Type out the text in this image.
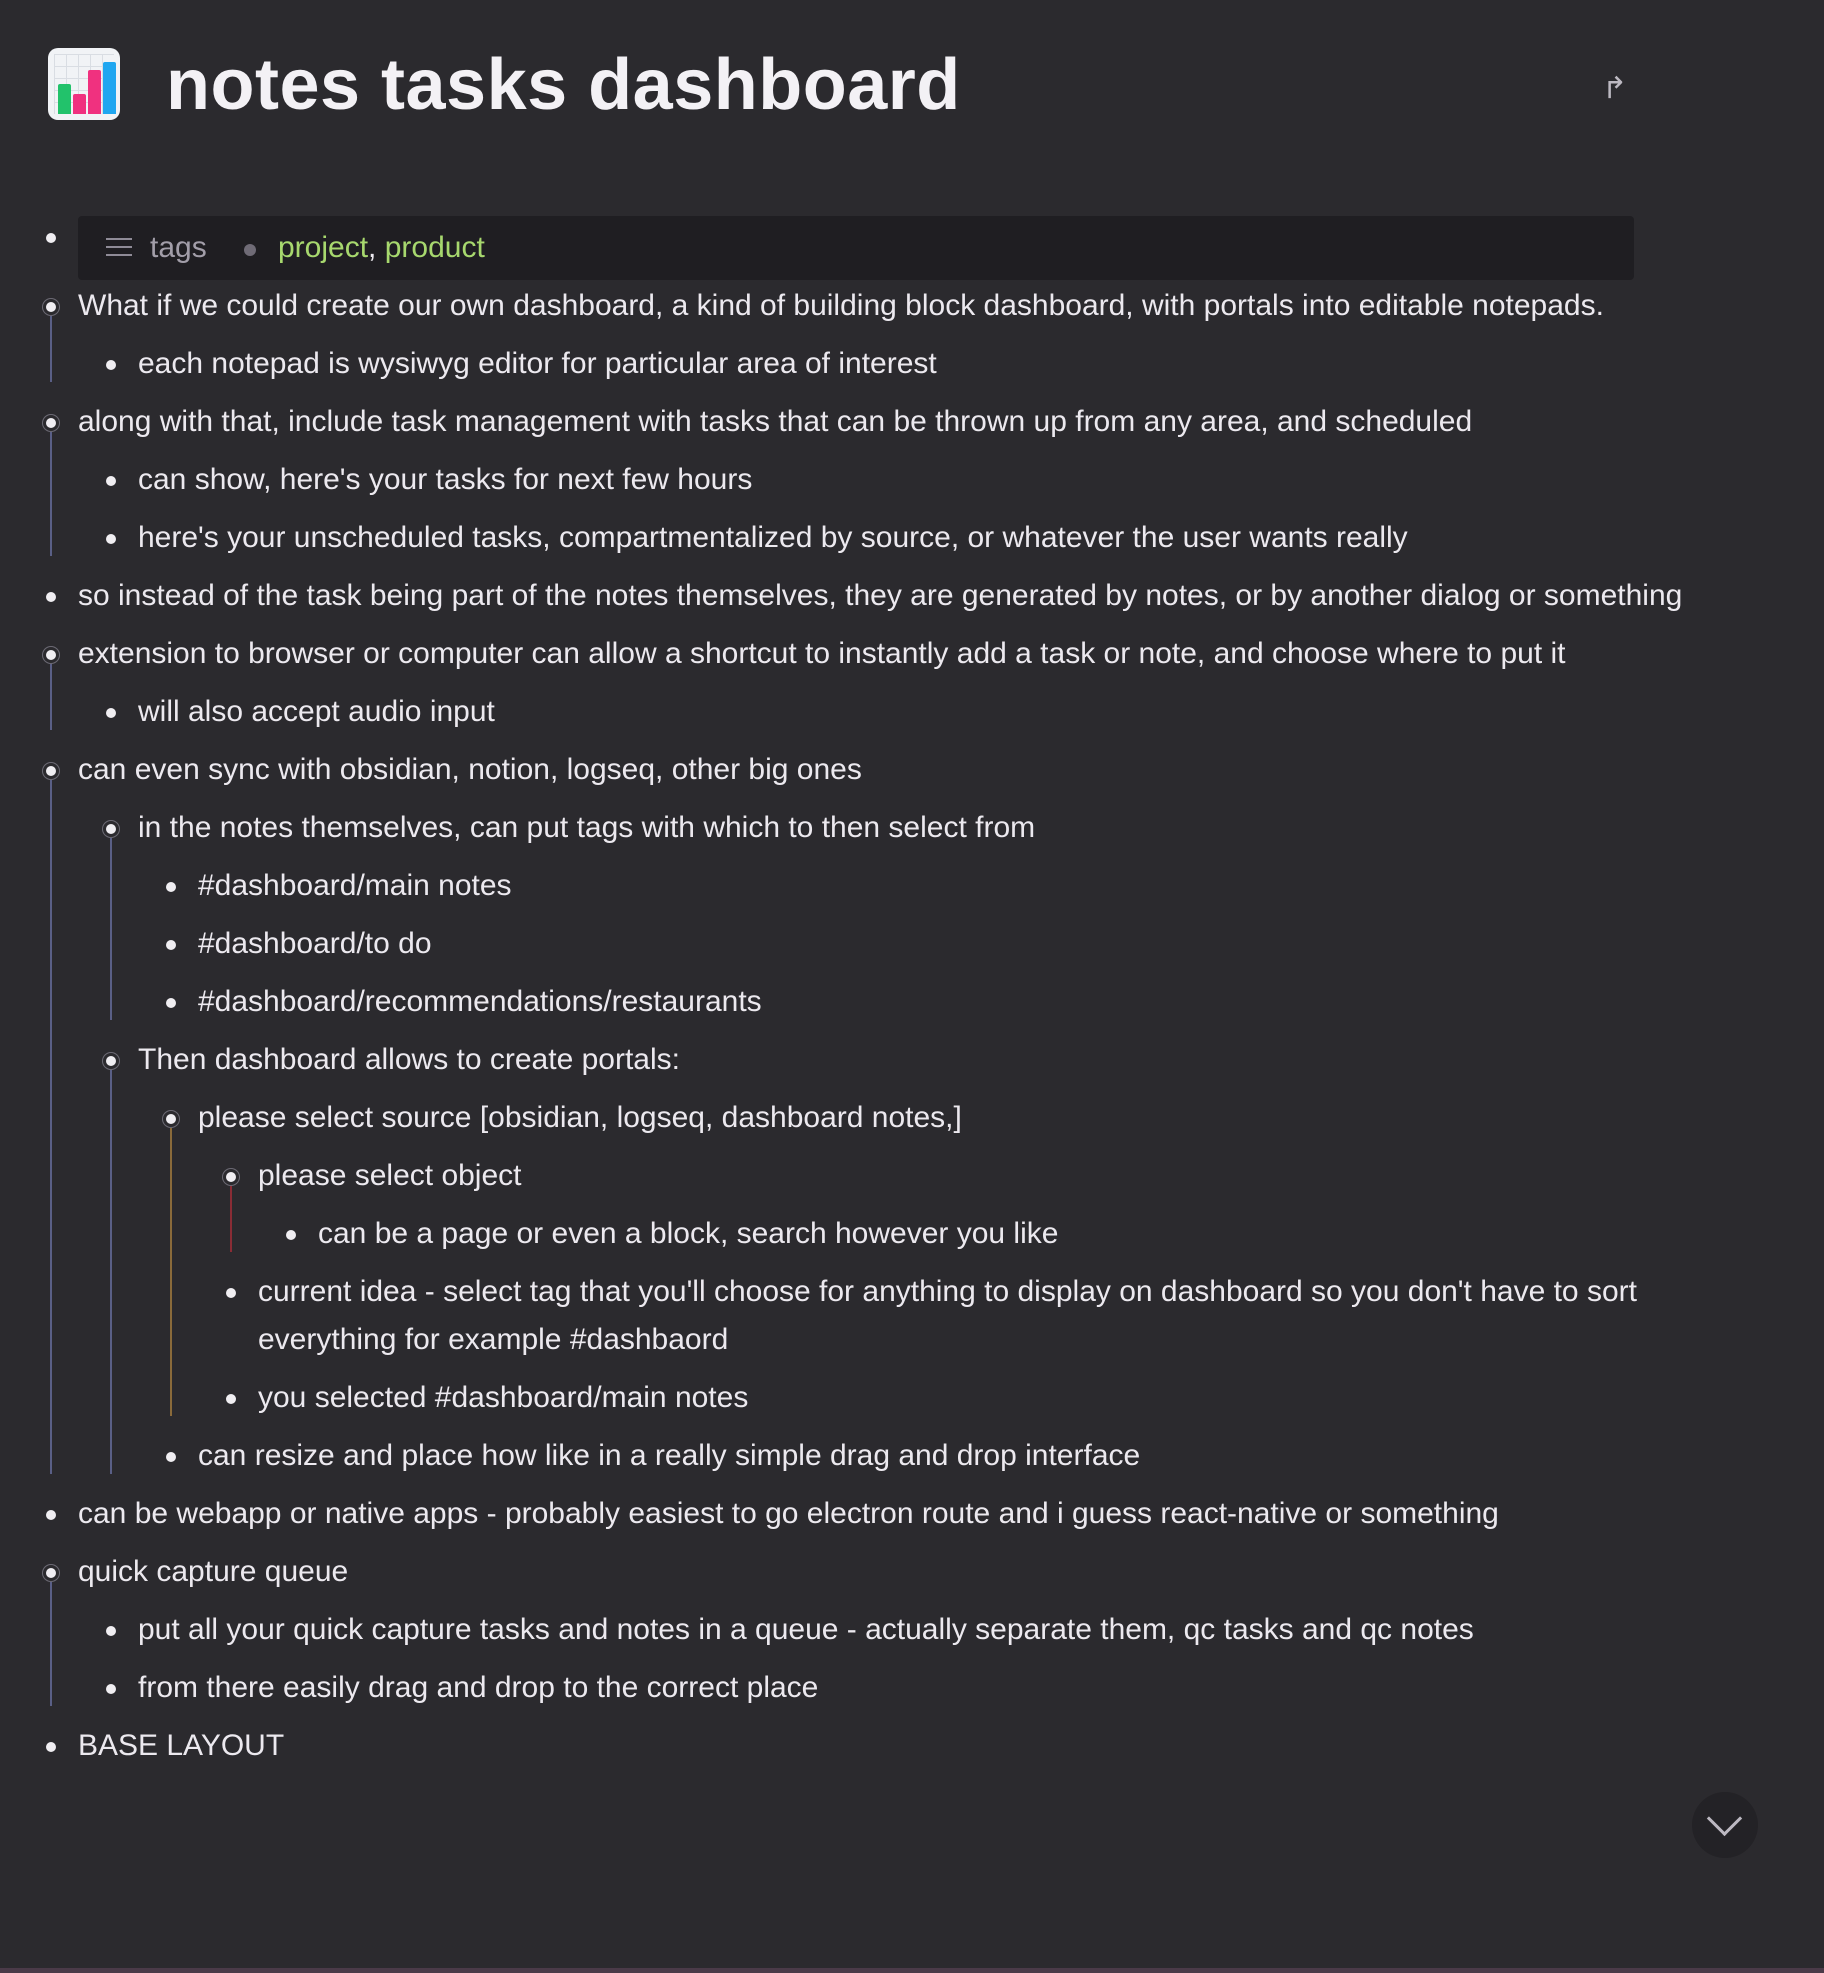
notes tasks dashboard	↱
tags project, product
What if we could create our own dashboard, a kind of building block dashboard, with portals into editable notepads.
each notepad is wysiwyg editor for particular area of interest
along with that, include task management with tasks that can be thrown up from any area, and scheduled
can show, here's your tasks for next few hours
here's your unscheduled tasks, compartmentalized by source, or whatever the user wants really
so instead of the task being part of the notes themselves, they are generated by notes, or by another dialog or something
extension to browser or computer can allow a shortcut to instantly add a task or note, and choose where to put it
will also accept audio input
can even sync with obsidian, notion, logseq, other big ones
in the notes themselves, can put tags with which to then select from
#dashboard/main notes
#dashboard/to do
#dashboard/recommendations/restaurants
Then dashboard allows to create portals:
please select source [obsidian, logseq, dashboard notes,]
please select object
can be a page or even a block, search however you like
current idea - select tag that you'll choose for anything to display on dashboard so you don't have to sort everything for example #dashbaord
you selected #dashboard/main notes
can resize and place how like in a really simple drag and drop interface
can be webapp or native apps - probably easiest to go electron route and i guess react-native or something
quick capture queue
put all your quick capture tasks and notes in a queue - actually separate them, qc tasks and qc notes
from there easily drag and drop to the correct place
BASE LAYOUT
